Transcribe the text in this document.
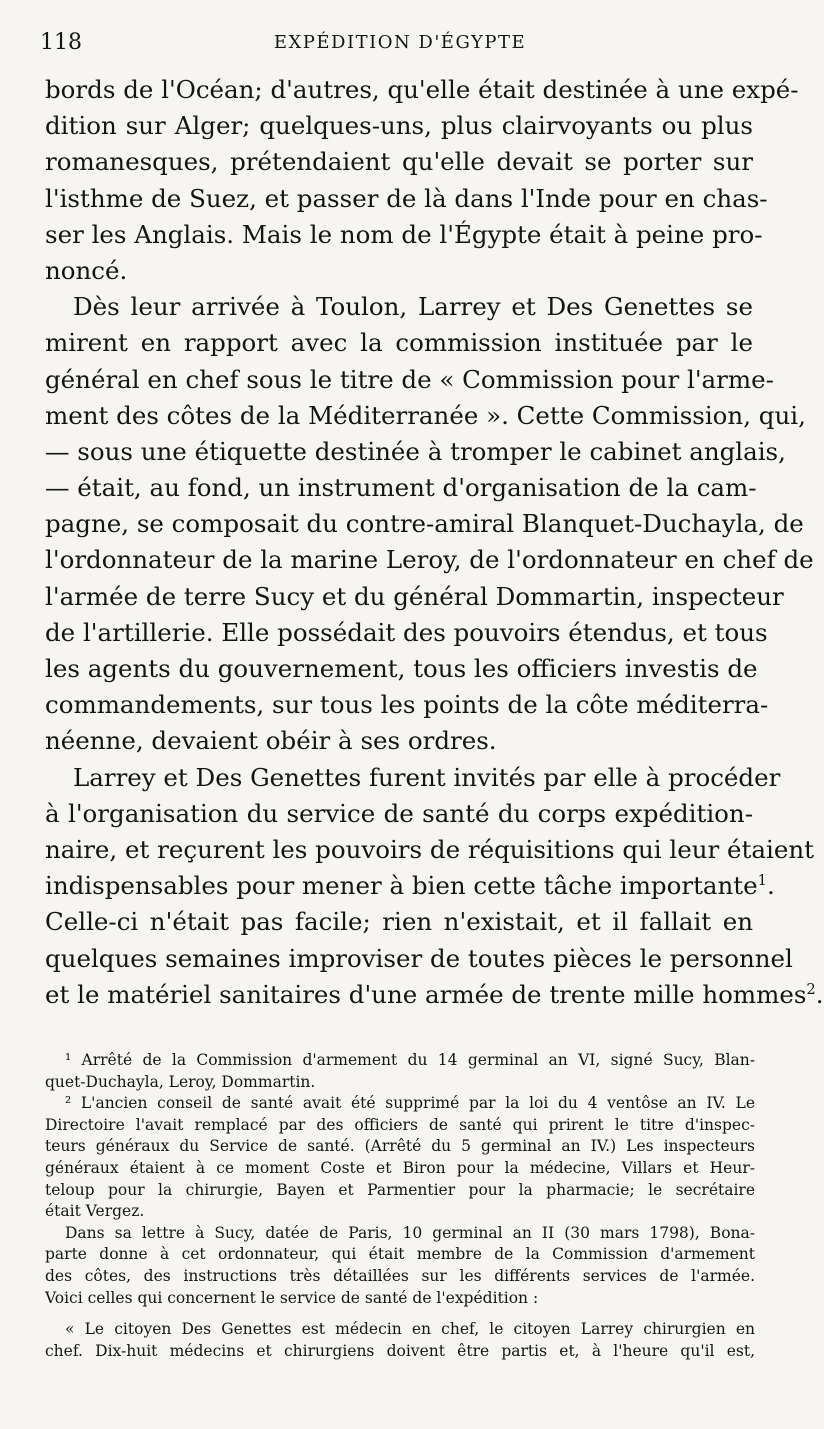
118	EXPÉDITION D'ÉGYPTE
bords de l'Océan; d'autres, qu'elle était destinée à une expé-
dition sur Alger; quelques-uns, plus clairvoyants ou plus
romanesques, prétendaient qu'elle devait se porter sur
l'isthme de Suez, et passer de là dans l'Inde pour en chas-
ser les Anglais. Mais le nom de l'Égypte était à peine pro-
noncé.
Dès leur arrivée à Toulon, Larrey et Des Genettes se
mirent en rapport avec la commission instituée par le
général en chef sous le titre de « Commission pour l'arme-
ment des côtes de la Méditerranée ». Cette Commission, qui,
— sous une étiquette destinée à tromper le cabinet anglais,
— était, au fond, un instrument d'organisation de la cam-
pagne, se composait du contre-amiral Blanquet-Duchayla, de
l'ordonnateur de la marine Leroy, de l'ordonnateur en chef de
l'armée de terre Sucy et du général Dommartin, inspecteur
de l'artillerie. Elle possédait des pouvoirs étendus, et tous
les agents du gouvernement, tous les officiers investis de
commandements, sur tous les points de la côte méditerra-
néenne, devaient obéir à ses ordres.
Larrey et Des Genettes furent invités par elle à procéder
à l'organisation du service de santé du corps expédition-
naire, et reçurent les pouvoirs de réquisitions qui leur étaient
indispensables pour mener à bien cette tâche importante$^1$.
Celle-ci n'était pas facile; rien n'existait, et il fallait en
quelques semaines improviser de toutes pièces le personnel
et le matériel sanitaires d'une armée de trente mille hommes$^2$.
¹ Arrêté de la Commission d'armement du 14 germinal an VI, signé Sucy, Blan-
quet-Duchayla, Leroy, Dommartin.
² L'ancien conseil de santé avait été supprimé par la loi du 4 ventôse an IV. Le
Directoire l'avait remplacé par des officiers de santé qui prirent le titre d'inspec-
teurs généraux du Service de santé. (Arrêté du 5 germinal an IV.) Les inspecteurs
généraux étaient à ce moment Coste et Biron pour la médecine, Villars et Heur-
teloup pour la chirurgie, Bayen et Parmentier pour la pharmacie; le secrétaire
était Vergez.
Dans sa lettre à Sucy, datée de Paris, 10 germinal an II (30 mars 1798), Bona-
parte donne à cet ordonnateur, qui était membre de la Commission d'armement
des côtes, des instructions très détaillées sur les différents services de l'armée.
Voici celles qui concernent le service de santé de l'expédition :
« Le citoyen Des Genettes est médecin en chef, le citoyen Larrey chirurgien en
chef. Dix-huit médecins et chirurgiens doivent être partis et, à l'heure qu'il est,
